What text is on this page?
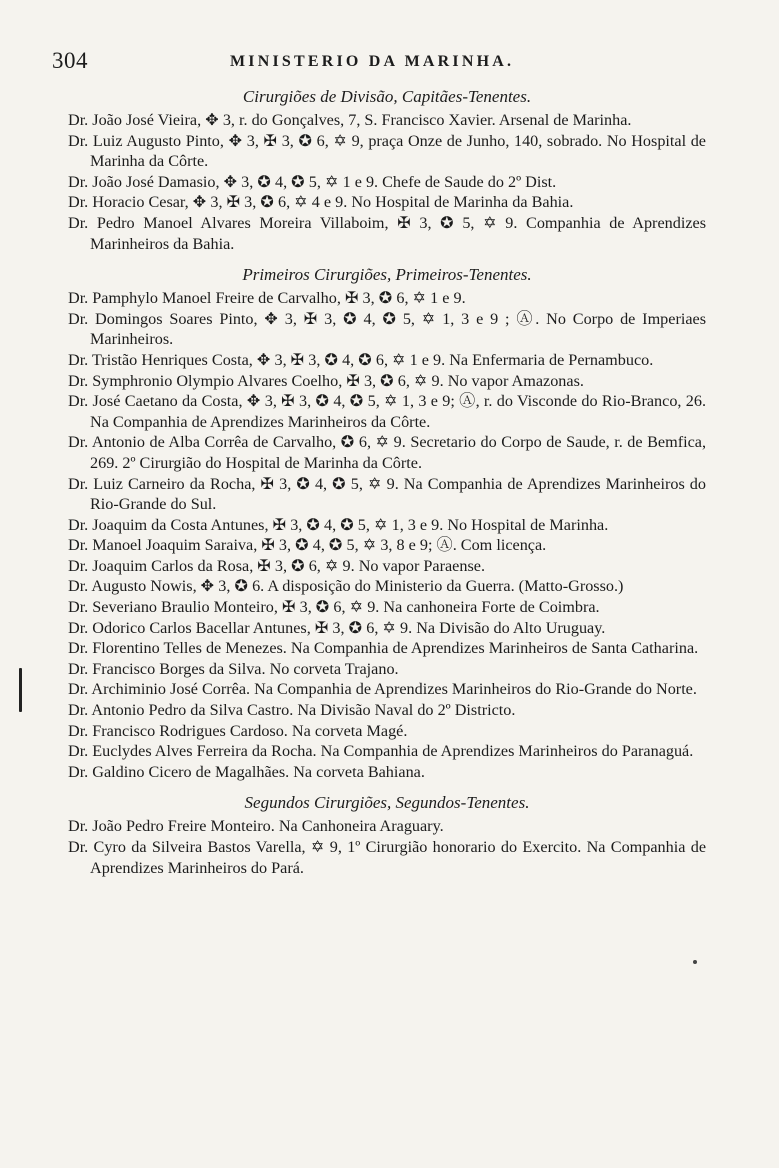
304	MINISTERIO DA MARINHA.

Cirurgiões de Divisão, Capitães-Tenentes.

Dr. João José Vieira, ✥ 3, r. do Gonçalves, 7, S. Francisco Xavier. Arsenal de Marinha.

Dr. Luiz Augusto Pinto, ✥ 3, ✠ 3, ✪ 6, ✡ 9, praça Onze de Junho, 140, sobrado. No Hospital de Marinha da Côrte.

Dr. João José Damasio, ✥ 3, ✪ 4, ✪ 5, ✡ 1 e 9. Chefe de Saude do 2º Dist.

Dr. Horacio Cesar, ✥ 3, ✠ 3, ✪ 6, ✡ 4 e 9. No Hospital de Marinha da Bahia.

Dr. Pedro Manoel Alvares Moreira Villaboim, ✠ 3, ✪ 5, ✡ 9. Companhia de Aprendizes Marinheiros da Bahia.

Primeiros Cirurgiões, Primeiros-Tenentes.

Dr. Pamphylo Manoel Freire de Carvalho, ✠ 3, ✪ 6, ✡ 1 e 9.

Dr. Domingos Soares Pinto, ✥ 3, ✠ 3, ✪ 4, ✪ 5, ✡ 1, 3 e 9 ; Ⓐ. No Corpo de Imperiaes Marinheiros.

Dr. Tristão Henriques Costa, ✥ 3, ✠ 3, ✪ 4, ✪ 6, ✡ 1 e 9. Na Enfermaria de Pernambuco.

Dr. Symphronio Olympio Alvares Coelho, ✠ 3, ✪ 6, ✡ 9. No vapor Amazonas.

Dr. José Caetano da Costa, ✥ 3, ✠ 3, ✪ 4, ✪ 5, ✡ 1, 3 e 9; Ⓐ, r. do Visconde do Rio-Branco, 26. Na Companhia de Aprendizes Marinheiros da Côrte.

Dr. Antonio de Alba Corrêa de Carvalho, ✪ 6, ✡ 9. Secretario do Corpo de Saude, r. de Bemfica, 269. 2º Cirurgião do Hospital de Marinha da Côrte.

Dr. Luiz Carneiro da Rocha, ✠ 3, ✪ 4, ✪ 5, ✡ 9. Na Companhia de Aprendizes Marinheiros do Rio-Grande do Sul.

Dr. Joaquim da Costa Antunes, ✠ 3, ✪ 4, ✪ 5, ✡ 1, 3 e 9. No Hospital de Marinha.

Dr. Manoel Joaquim Saraiva, ✠ 3, ✪ 4, ✪ 5, ✡ 3, 8 e 9; Ⓐ. Com licença.

Dr. Joaquim Carlos da Rosa, ✠ 3, ✪ 6, ✡ 9. No vapor Paraense.

Dr. Augusto Nowis, ✥ 3, ✪ 6. A disposição do Ministerio da Guerra. (Matto-Grosso.)

Dr. Severiano Braulio Monteiro, ✠ 3, ✪ 6, ✡ 9. Na canhoneira Forte de Coimbra.

Dr. Odorico Carlos Bacellar Antunes, ✠ 3, ✪ 6, ✡ 9. Na Divisão do Alto Uruguay.

Dr. Florentino Telles de Menezes. Na Companhia de Aprendizes Marinheiros de Santa Catharina.

Dr. Francisco Borges da Silva. No corveta Trajano.

Dr. Archiminio José Corrêa. Na Companhia de Aprendizes Marinheiros do Rio-Grande do Norte.

Dr. Antonio Pedro da Silva Castro. Na Divisão Naval do 2º Districto.

Dr. Francisco Rodrigues Cardoso. Na corveta Magé.

Dr. Euclydes Alves Ferreira da Rocha. Na Companhia de Aprendizes Marinheiros do Paranaguá.

Dr. Galdino Cicero de Magalhães. Na corveta Bahiana.

Segundos Cirurgiões, Segundos-Tenentes.

Dr. João Pedro Freire Monteiro. Na Canhoneira Araguary.

Dr. Cyro da Silveira Bastos Varella, ✡ 9, 1º Cirurgião honorario do Exercito. Na Companhia de Aprendizes Marinheiros do Pará.
